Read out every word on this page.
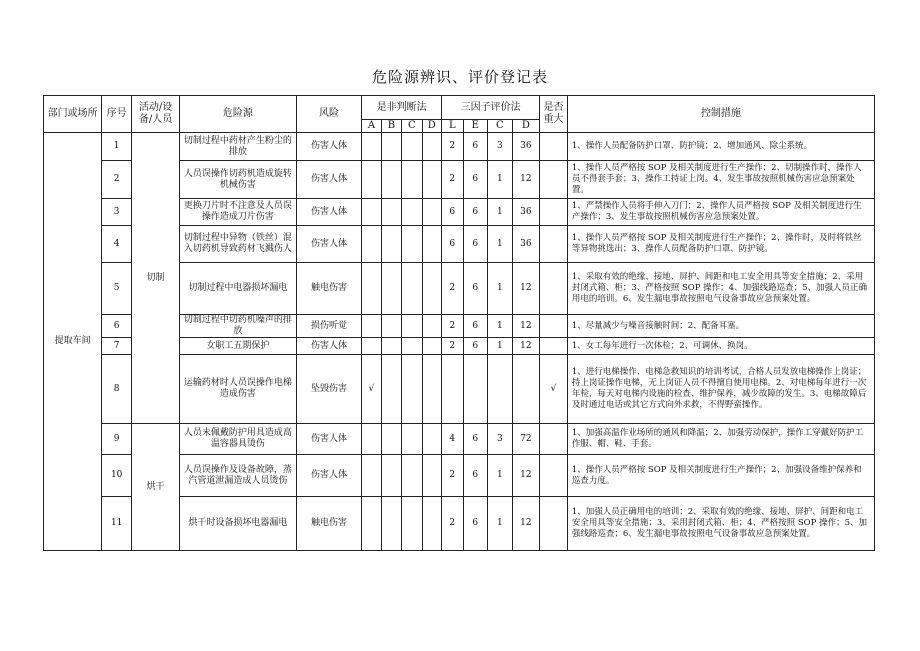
危险源辨识、评价登记表
部门或场所	序号	活动/设备/人员	危险源	风险	是非判断法				三因子评价法				是否重大	控制措施
					A	B	C	D	L	E	C	D		
提取车间	1	切制	切制过程中药材产生粉尘的排放	伤害人体					2	6	3	36		1、操作人员配备防护口罩、防护镜；2、增加通风、除尘系统。
	2		人员误操作切药机造成旋转机械伤害	伤害人体					2	6	1	12		1、操作人员严格按 SOP 及相关制度进行生产操作；2、切制操作时，操作人员不得套手套；3、操作工持证上岗。4、发生事故按照机械伤害应急预案处置。
	3		更换刀片时不注意及人员误操作造成刀片伤害	伤害人体					6	6	1	36		1、严禁操作人员将手伸入刀门；2、操作人员严格按 SOP 及相关制度进行生产操作；3、发生事故按照机械伤害应急预案处置。
	4		切制过程中异物（铁丝）混入切药机导致药材飞溅伤人	伤害人体					6	6	1	36		1、操作人员严格按 SOP 及相关制度进行生产操作；2、操作时，及时将铁丝等异物挑选出；3、操作人员配备防护口罩、防护镜。
	5		切制过程中电器损坏漏电	触电伤害					2	6	1	12		1、采取有效的绝缘、接地、屏护、间距和电工安全用具等安全措施；2、采用封闭式箱、柜；3、严格按照 SOP 操作；4、加强线路巡查；5、加强人员正确用电的培训。6、发生漏电事故按照电气设备事故应急预案处置。
	6		切制过程中切药机噪声的排放	损伤听觉					2	6	1	12		1、尽量减少与噪音接触时间；2、配备耳塞。
	7		女职工五期保护	伤害人体					2	6	1	12		1、女工每年进行一次体检；2、可调休、换岗。
	8		运输药材时人员误操作电梯造成伤害	坠毁伤害	√								√	1、进行电梯操作、电梯急救知识的培训考试，合格人员发放电梯操作上岗证；持上岗证操作电梯，无上岗证人员不得擅自使用电梯。2、对电梯每年进行一次年检，每天对电梯内设施的检查、维护保养，减少故障的发生。3、电梯故障后及时通过电话或其它方式向外求救，不得野蛮操作。
	9	烘干	人员未佩戴防护用具造成高温容器具烫伤	伤害人体					4	6	3	72		1、加强高温作业场所的通风和降温；2、加强劳动保护，操作工穿戴好防护工作服、帽、鞋、手套。
	10		人员误操作及设备故障，蒸汽管道泄漏造成人员烫伤	伤害人体					2	6	1	12		1、操作人员严格按 SOP 及相关制度进行生产操作；2、加强设备维护保养和巡查力度。
	11		烘干时设备损坏电器漏电	触电伤害					2	6	1	12		1、加强人员正确用电的培训；2、采取有效的绝缘、接地、屏护、间距和电工安全用具等安全措施；3、采用封闭式箱、柜；4、严格按照 SOP 操作；5、加强线路巡查；6、发生漏电事故按照电气设备事故应急预案处置。
